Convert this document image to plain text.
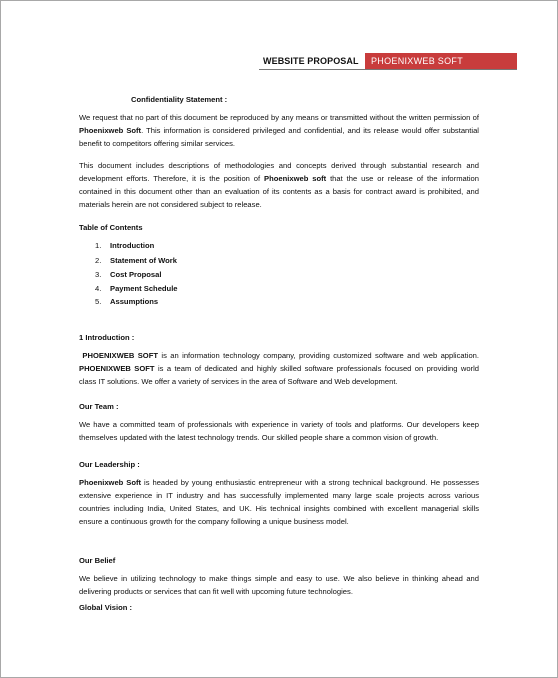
WEBSITE PROPOSAL	PHOENIXWEB SOFT
Confidentiality Statement :
We request that no part of this document be reproduced by any means or transmitted without the written permission of Phoenixweb Soft. This information is considered privileged and confidential, and its release would offer substantial benefit to competitors offering similar services.
This document includes descriptions of methodologies and concepts derived through substantial research and development efforts. Therefore, it is the position of Phoenixweb soft that the use or release of the information contained in this document other than an evaluation of its contents as a basis for contract award is prohibited, and materials herein are not considered subject to release.
Table of Contents
1. Introduction
2. Statement of Work
3. Cost Proposal
4. Payment Schedule
5. Assumptions
1 Introduction :
PHOENIXWEB SOFT is an information technology company, providing customized software and web application. PHOENIXWEB SOFT is a team of dedicated and highly skilled software professionals focused on providing world class IT solutions. We offer a variety of services in the area of Software and Web development.
Our Team :
We have a committed team of professionals with experience in variety of tools and platforms. Our developers keep themselves updated with the latest technology trends. Our skilled people share a common vision of growth.
Our Leadership :
Phoenixweb Soft is headed by young enthusiastic entrepreneur with a strong technical background. He possesses extensive experience in IT industry and has successfully implemented many large scale projects across various countries including India, United States, and UK. His technical insights combined with excellent managerial skills ensure a continuous growth for the company following a unique business model.
Our Belief
We believe in utilizing technology to make things simple and easy to use. We also believe in thinking ahead and delivering products or services that can fit well with upcoming future technologies.
Global Vision :
